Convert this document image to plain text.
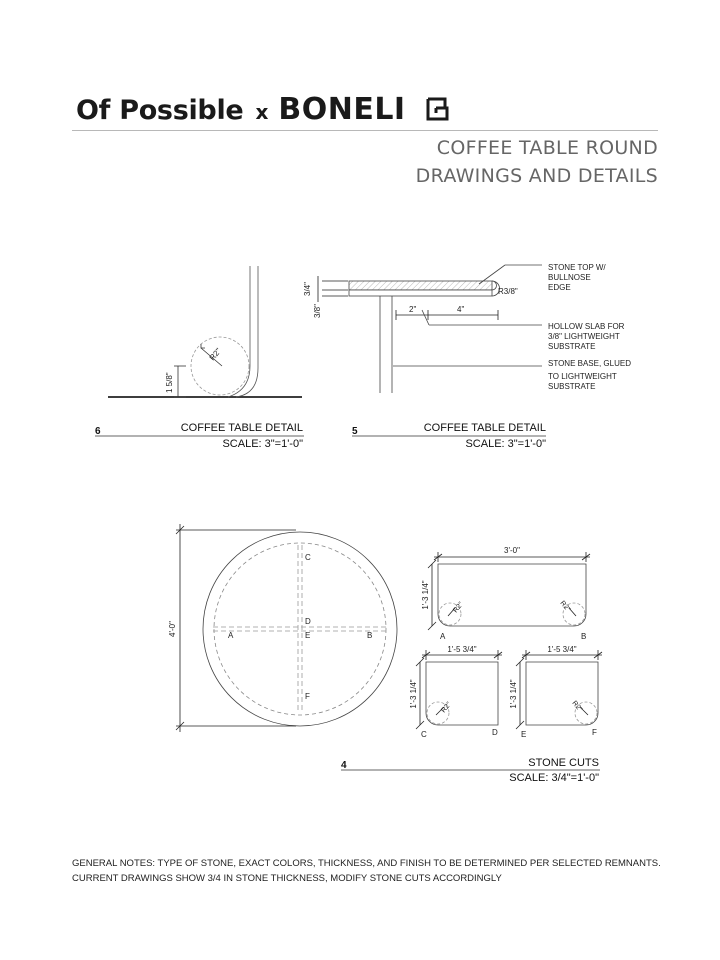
Of Possible x BONELI
COFFEE TABLE ROUND
DRAWINGS AND DETAILS
R2"
1 5/8"
6	COFFEE TABLE DETAIL
SCALE: 3"=1'-0"
3/4"
3/8"
R3/8"
2"	4"
STONE TOP W/
BULLNOSE
EDGE
HOLLOW SLAB FOR
3/8" LIGHTWEIGHT
SUBSTRATE
STONE BASE, GLUED
TO LIGHTWEIGHT
SUBSTRATE
5	COFFEE TABLE DETAIL
SCALE: 3"=1'-0"
4'-0"	A	B
C
D
E
F
3'-0"
1'-3 1/4"	R2"	R2"
A	B
1'-5 3/4"
1'-3 1/4"	R2"
C	D
1'-5 3/4"
1'-3 1/4"	R2"
E	F
4	STONE CUTS
SCALE: 3/4"=1'-0"
GENERAL NOTES: TYPE OF STONE, EXACT COLORS, THICKNESS, AND FINISH TO BE DETERMINED PER SELECTED REMNANTS.
CURRENT DRAWINGS SHOW 3/4 IN STONE THICKNESS, MODIFY STONE CUTS ACCORDINGLY
